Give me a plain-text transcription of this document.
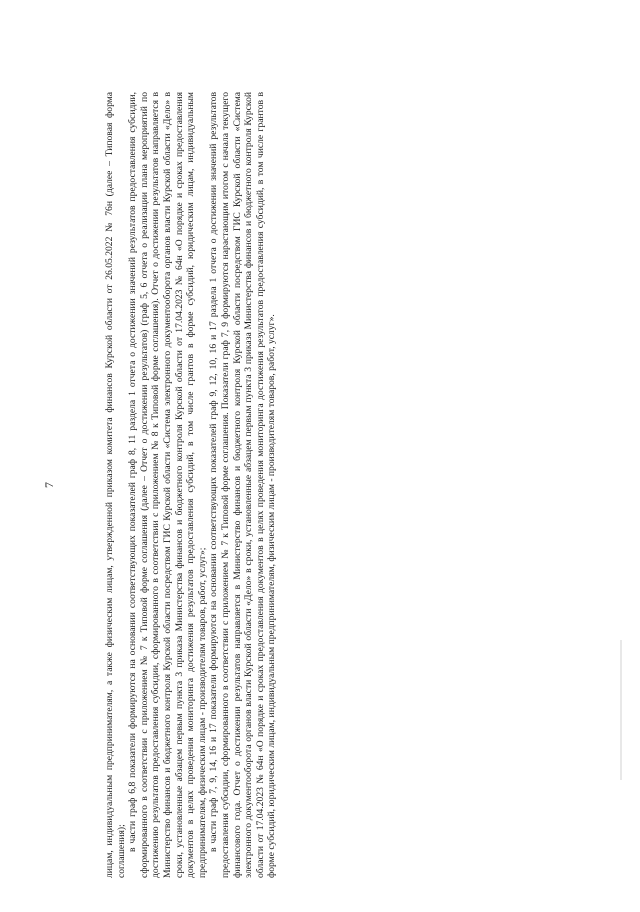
7	лицам, индивидуальным предпринимателям, а также физическим лицам, утвержденной приказом комитета финансов Курской области от 26.05.2022 № 76н (далее – Типовая форма соглашения); в части граф 6,8 показатели формируются на основании соответствующих показателей граф 8, 11 раздела 1 отчета о достижении значений результатов предоставления субсидии, сформированного в соответствии с приложением № 7 к Типовой форме соглашения (далее – Отчет о достижении результатов) (граф 5, 6 отчета о реализации плана мероприятий по достижению результатов предоставления субсидии, сформированного в соответствии с приложением № 8 к Типовой форме соглашения). Отчет о достижении результатов направляется в Министерство финансов и бюджетного контроля Курской области посредством ГИС Курской области «Система электронного документооборота органов власти Курской области «Дело» в сроки, установленные абзацем первым пункта 3 приказа Министерства финансов и бюджетного контроля Курской области от 17.04.2023 № 64н «О порядке и сроках предоставления документов в целях проведения мониторинга достижения результатов предоставления субсидий, в том числе грантов в форме субсидий, юридическим лицам, индивидуальным предпринимателям, физическим лицам - производителям товаров, работ, услуг»; в части граф 7, 9, 14, 16 и 17 показатели формируются на основании соответствующих показателей граф 9, 12, 10, 16 и 17 раздела 1 отчета о достижении значений результатов предоставления субсидии, сформированного в соответствии с приложением № 7 к Типовой форме соглашения. Показатели граф 7, 9 формируются нарастающим итогом с начала текущего финансового года. Отчет о достижении результатов направляется в Министерство финансов и бюджетного контроля Курской области посредством ГИС Курской области «Система электронного документооборота органов власти Курской области «Дело» в сроки, установленные абзацем первым пункта 3 приказа Министерства финансов и бюджетного контроля Курской области от 17.04.2023 № 64н «О порядке и сроках предоставления документов в целях проведения мониторинга достижения результатов предоставления субсидий, в том числе грантов в форме субсидий, юридическим лицам, индивидуальным предпринимателям, физическим лицам - производителям товаров, работ, услуг».
